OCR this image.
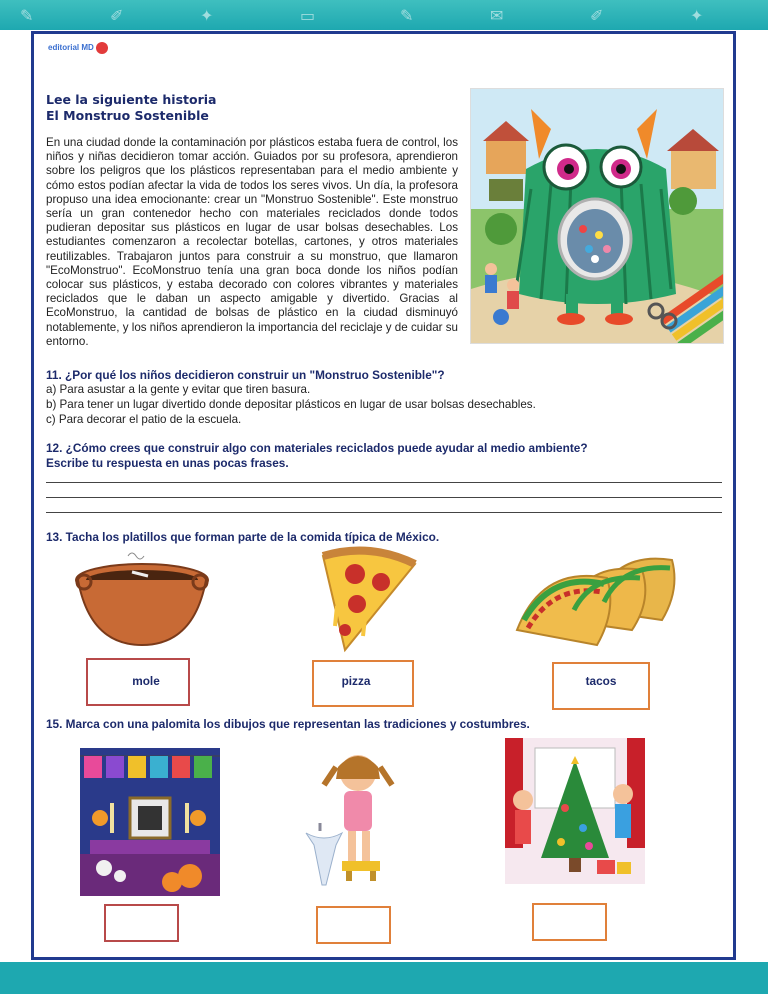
✎	✐	✦	▭	✎	✉	✐	✦
editorial MD
Lee la siguiente historia
El Monstruo Sostenible
En una ciudad donde la contaminación por plásticos estaba fuera de control, los niños y niñas decidieron tomar acción. Guiados por su profesora, aprendieron sobre los peligros que los plásticos representaban para el medio ambiente y cómo estos podían afectar la vida de todos los seres vivos. Un día, la profesora propuso una idea emocionante: crear un "Monstruo Sostenible". Este monstruo sería un gran contenedor hecho con materiales reciclados donde todos pudieran depositar sus plásticos en lugar de usar bolsas desechables. Los estudiantes comenzaron a recolectar botellas, cartones, y otros materiales reutilizables. Trabajaron juntos para construir a su monstruo, que llamaron "EcoMonstruo". EcoMonstruo tenía una gran boca donde los niños podían colocar sus plásticos, y estaba decorado con colores vibrantes y materiales reciclados que le daban un aspecto amigable y divertido. Gracias al EcoMonstruo, la cantidad de bolsas de plástico en la ciudad disminuyó notablemente, y los niños aprendieron la importancia del reciclaje y de cuidar su entorno.
11. ¿Por qué los niños decidieron construir un "Monstruo Sostenible"?
a) Para asustar a la gente y evitar que tiren basura.
b) Para tener un lugar divertido donde depositar plásticos en lugar de usar bolsas desechables.
c) Para decorar el patio de la escuela.
12. ¿Cómo crees que construir algo con materiales reciclados puede ayudar al medio ambiente?
Escribe tu respuesta en unas pocas frases.
13. Tacha los platillos que forman parte de la comida típica de México.
mole	pizza	tacos
15. Marca con una palomita los dibujos que representan las tradiciones y costumbres.
